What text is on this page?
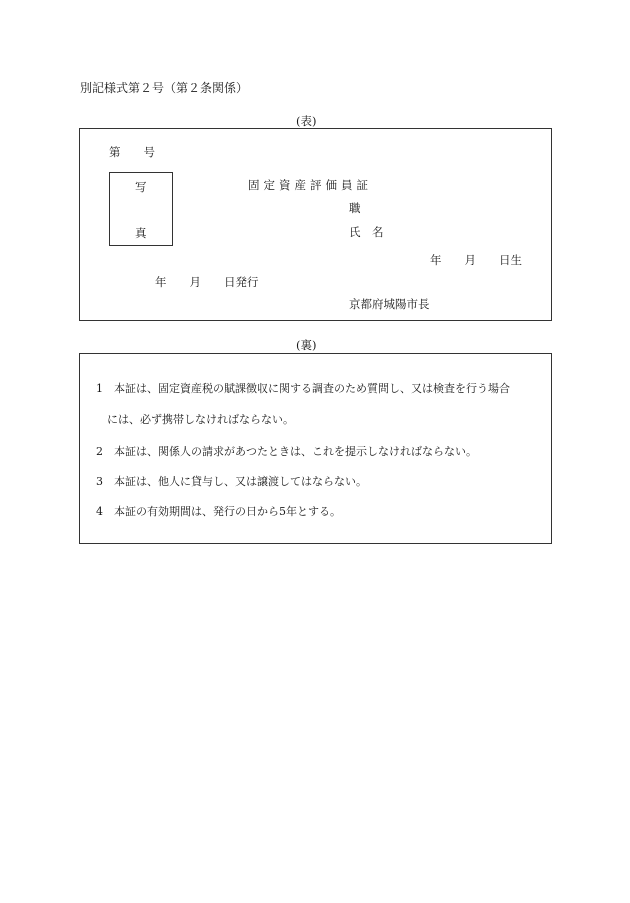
別記様式第２号（第２条関係）
(表)
第　　号
写
真
固定資産評価員証
職
氏　名
年　　月　　日生
年　　月　　日発行
京都府城陽市長
(裏)
1　本証は、固定資産税の賦課徴収に関する調査のため質問し、又は検査を行う場合
には、必ず携帯しなければならない。
2　本証は、関係人の請求があつたときは、これを提示しなければならない。
3　本証は、他人に貸与し、又は譲渡してはならない。
4　本証の有効期間は、発行の日から5年とする。
